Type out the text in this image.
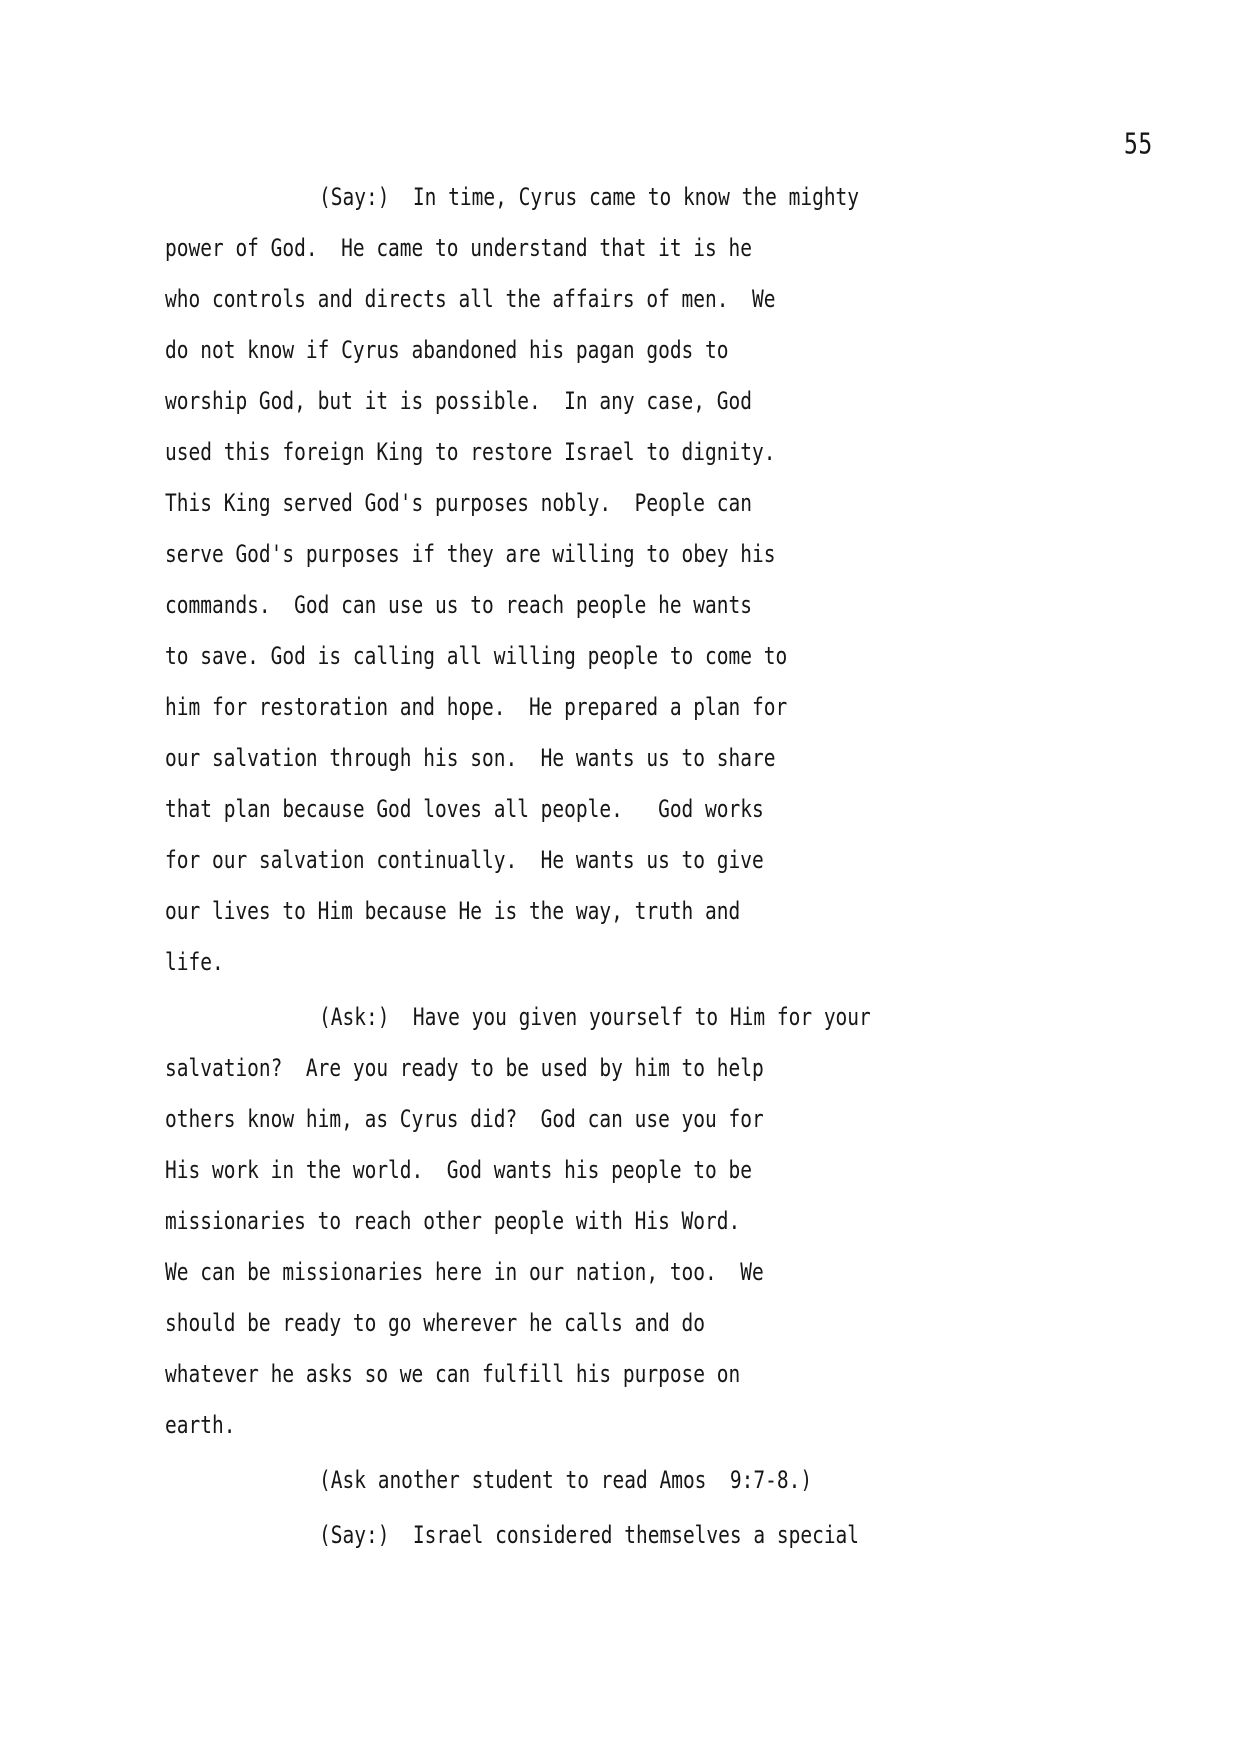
55
(Say:)  In time, Cyrus came to know the mighty
power of God.  He came to understand that it is he
who controls and directs all the affairs of men.  We
do not know if Cyrus abandoned his pagan gods to
worship God, but it is possible.  In any case, God
used this foreign King to restore Israel to dignity.
This King served God's purposes nobly.  People can
serve God's purposes if they are willing to obey his
commands.  God can use us to reach people he wants
to save. God is calling all willing people to come to
him for restoration and hope.  He prepared a plan for
our salvation through his son.  He wants us to share
that plan because God loves all people.   God works
for our salvation continually.  He wants us to give
our lives to Him because He is the way, truth and
life.
(Ask:)  Have you given yourself to Him for your
salvation?  Are you ready to be used by him to help
others know him, as Cyrus did?  God can use you for
His work in the world.  God wants his people to be
missionaries to reach other people with His Word.
We can be missionaries here in our nation, too.  We
should be ready to go wherever he calls and do
whatever he asks so we can fulfill his purpose on
earth.
(Ask another student to read Amos  9:7-8.)
(Say:)  Israel considered themselves a special
